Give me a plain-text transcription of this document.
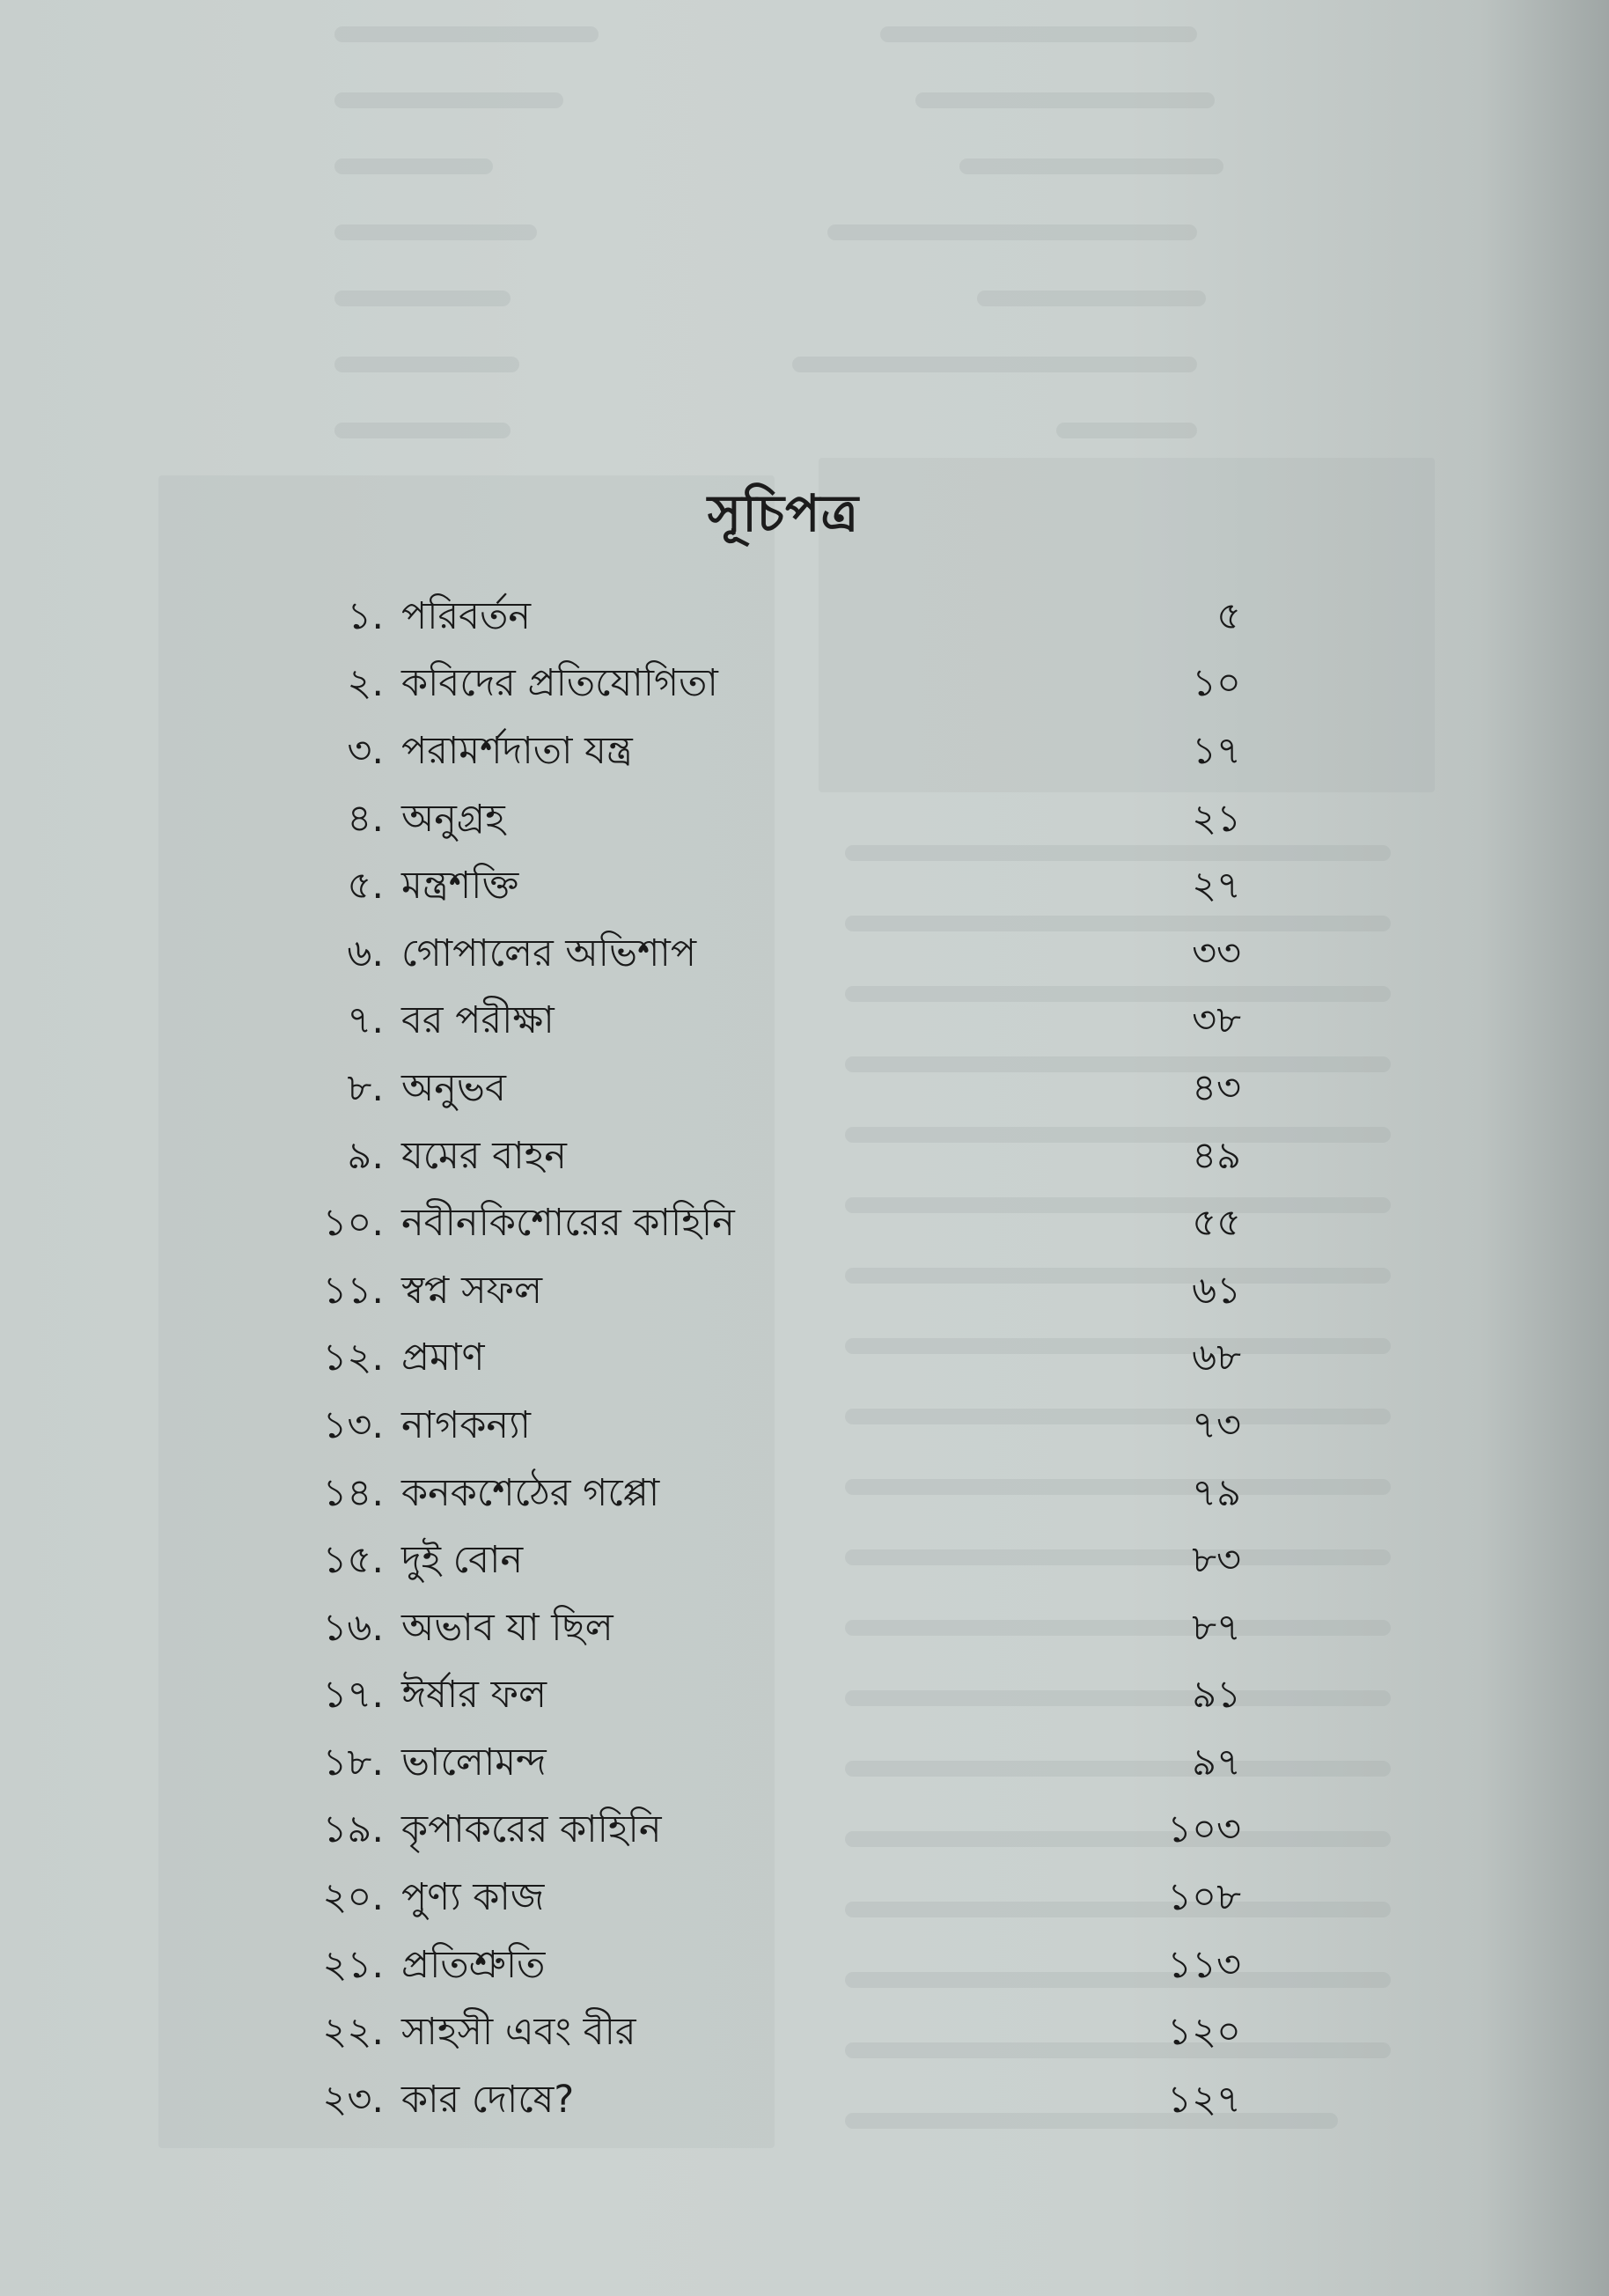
সূচিপত্র
১. পরিবর্তন	৫
২. কবিদের প্রতিযোগিতা	১০
৩. পরামর্শদাতা যন্ত্র	১৭
৪. অনুগ্রহ	২১
৫. মন্ত্রশক্তি	২৭
৬. গোপালের অভিশাপ	৩৩
৭. বর পরীক্ষা	৩৮
৮. অনুভব	৪৩
৯. যমের বাহন	৪৯
১০. নবীনকিশোরের কাহিনি	৫৫
১১. স্বপ্ন সফল	৬১
১২. প্রমাণ	৬৮
১৩. নাগকন্যা	৭৩
১৪. কনকশেঠের গপ্পো	৭৯
১৫. দুই বোন	৮৩
১৬. অভাব যা ছিল	৮৭
১৭. ঈর্ষার ফল	৯১
১৮. ভালোমন্দ	৯৭
১৯. কৃপাকরের কাহিনি	১০৩
২০. পুণ্য কাজ	১০৮
২১. প্রতিশ্রুতি	১১৩
২২. সাহসী এবং বীর	১২০
২৩. কার দোষে?	১২৭
